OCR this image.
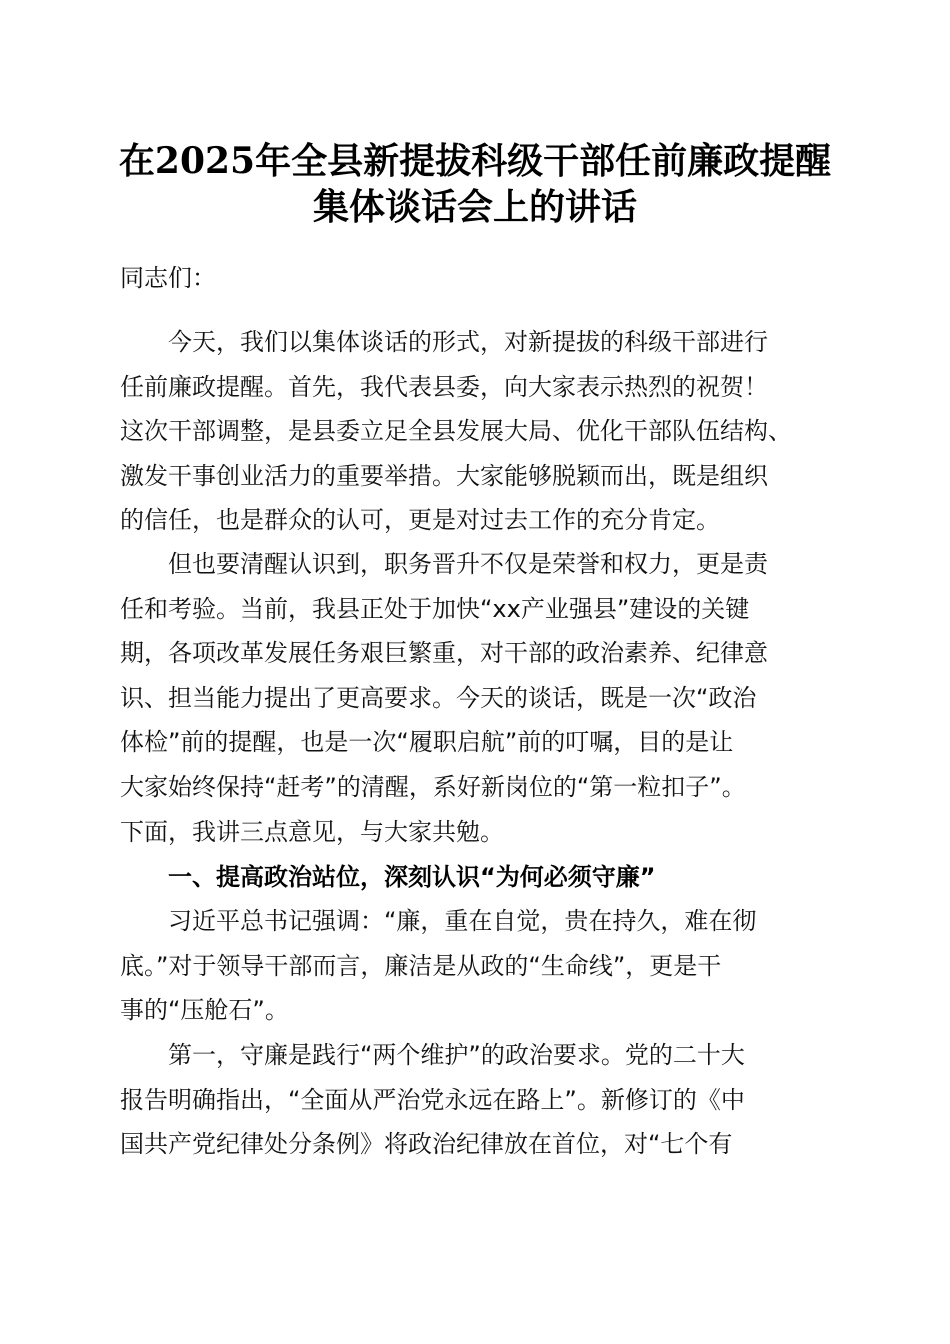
在2025年全县新提拔科级干部任前廉政提醒
集体谈话会上的讲话
同志们：
今天，我们以集体谈话的形式，对新提拔的科级干部进行
任前廉政提醒。首先，我代表县委，向大家表示热烈的祝贺！
这次干部调整，是县委立足全县发展大局、优化干部队伍结构、
激发干事创业活力的重要举措。大家能够脱颖而出，既是组织
的信任，也是群众的认可，更是对过去工作的充分肯定。
但也要清醒认识到，职务晋升不仅是荣誉和权力，更是责
任和考验。当前，我县正处于加快“xx产业强县”建设的关键
期，各项改革发展任务艰巨繁重，对干部的政治素养、纪律意
识、担当能力提出了更高要求。今天的谈话，既是一次“政治
体检”前的提醒，也是一次“履职启航”前的叮嘱，目的是让
大家始终保持“赶考”的清醒，系好新岗位的“第一粒扣子”。
下面，我讲三点意见，与大家共勉。
一、提高政治站位，深刻认识“为何必须守廉”
习近平总书记强调：“廉，重在自觉，贵在持久，难在彻
底。”对于领导干部而言，廉洁是从政的“生命线”，更是干
事的“压舱石”。
第一，守廉是践行“两个维护”的政治要求。党的二十大
报告明确指出，“全面从严治党永远在路上”。新修订的《中
国共产党纪律处分条例》将政治纪律放在首位，对“七个有
